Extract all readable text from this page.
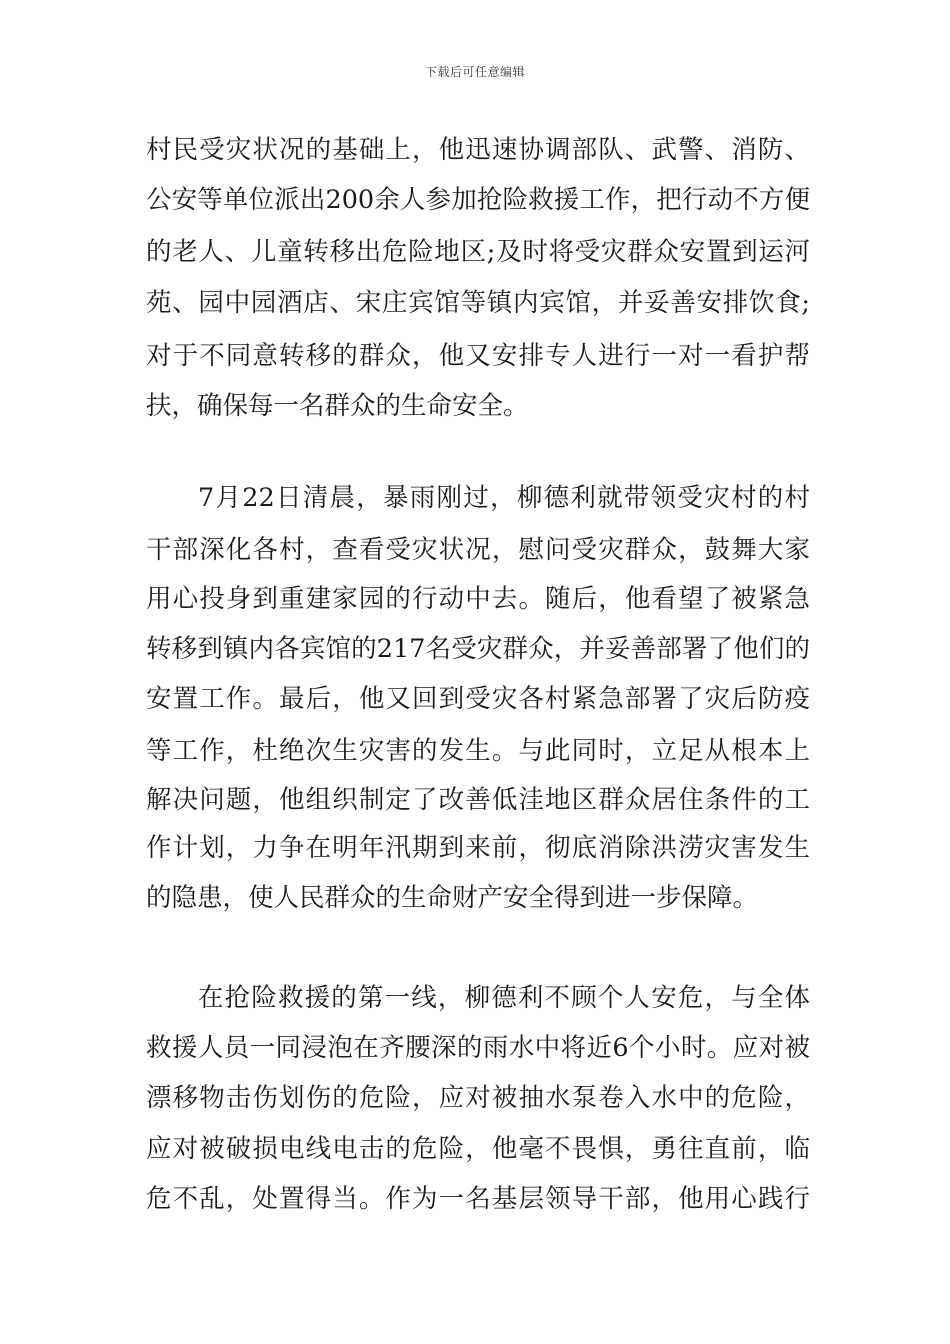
下载后可任意编辑
村民受灾状况的基础上，他迅速协调部队、武警、消防、
公安等单位派出200余人参加抢险救援工作，把行动不方便
的老人、儿童转移出危险地区;及时将受灾群众安置到运河
苑、园中园酒店、宋庄宾馆等镇内宾馆，并妥善安排饮食;
对于不同意转移的群众，他又安排专人进行一对一看护帮
扶，确保每一名群众的生命安全。
7月22日清晨，暴雨刚过，柳德利就带领受灾村的村
干部深化各村，查看受灾状况，慰问受灾群众，鼓舞大家
用心投身到重建家园的行动中去。随后，他看望了被紧急
转移到镇内各宾馆的217名受灾群众，并妥善部署了他们的
安置工作。最后，他又回到受灾各村紧急部署了灾后防疫
等工作，杜绝次生灾害的发生。与此同时，立足从根本上
解决问题，他组织制定了改善低洼地区群众居住条件的工
作计划，力争在明年汛期到来前，彻底消除洪涝灾害发生
的隐患，使人民群众的生命财产安全得到进一步保障。
在抢险救援的第一线，柳德利不顾个人安危，与全体
救援人员一同浸泡在齐腰深的雨水中将近6个小时。应对被
漂移物击伤划伤的危险，应对被抽水泵卷入水中的危险，
应对被破损电线电击的危险，他毫不畏惧，勇往直前，临
危不乱，处置得当。作为一名基层领导干部，他用心践行
